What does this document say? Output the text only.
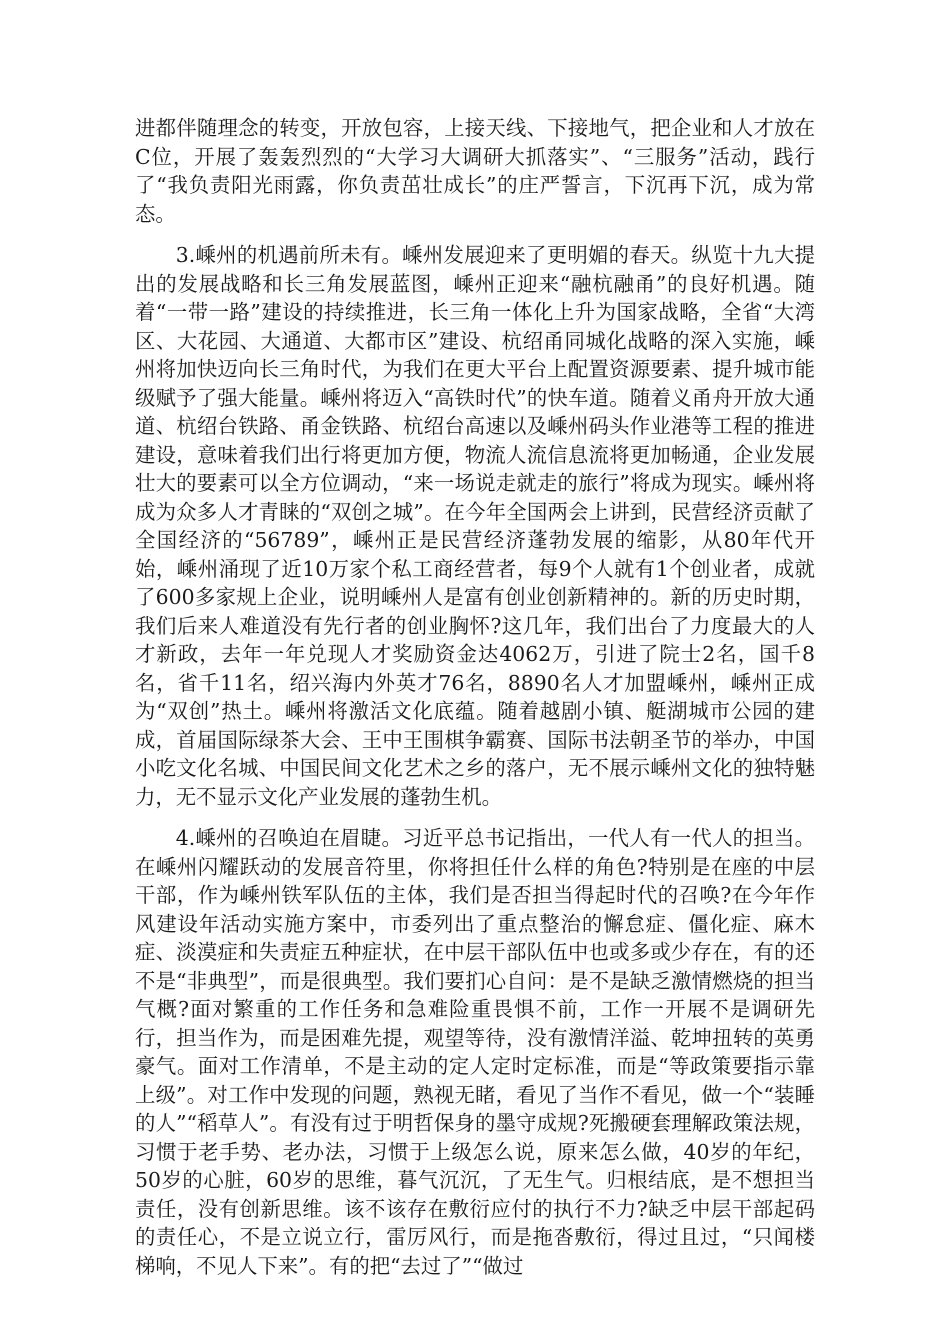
进都伴随理念的转变，开放包容，上接天线、下接地气，把企业和人才放在C位，开展了轰轰烈烈的“大学习大调研大抓落实”、“三服务”活动，践行了“我负责阳光雨露，你负责茁壮成长”的庄严誓言，下沉再下沉，成为常态。

3.嵊州的机遇前所未有。嵊州发展迎来了更明媚的春天。纵览十九大提出的发展战略和长三角发展蓝图，嵊州正迎来“融杭融甬”的良好机遇。随着“一带一路”建设的持续推进，长三角一体化上升为国家战略，全省“大湾区、大花园、大通道、大都市区”建设、杭绍甬同城化战略的深入实施，嵊州将加快迈向长三角时代，为我们在更大平台上配置资源要素、提升城市能级赋予了强大能量。嵊州将迈入“高铁时代”的快车道。随着义甬舟开放大通道、杭绍台铁路、甬金铁路、杭绍台高速以及嵊州码头作业港等工程的推进建设，意味着我们出行将更加方便，物流人流信息流将更加畅通，企业发展壮大的要素可以全方位调动，“来一场说走就走的旅行”将成为现实。嵊州将成为众多人才青睐的“双创之城”。在今年全国两会上讲到，民营经济贡献了全国经济的“56789”，嵊州正是民营经济蓬勃发展的缩影，从80年代开始，嵊州涌现了近10万家个私工商经营者，每9个人就有1个创业者，成就了600多家规上企业，说明嵊州人是富有创业创新精神的。新的历史时期，我们后来人难道没有先行者的创业胸怀?这几年，我们出台了力度最大的人才新政，去年一年兑现人才奖励资金达4062万，引进了院士2名，国千8名，省千11名，绍兴海内外英才76名，8890名人才加盟嵊州，嵊州正成为“双创”热土。嵊州将激活文化底蕴。随着越剧小镇、艇湖城市公园的建成，首届国际绿茶大会、王中王围棋争霸赛、国际书法朝圣节的举办，中国小吃文化名城、中国民间文化艺术之乡的落户，无不展示嵊州文化的独特魅力，无不显示文化产业发展的蓬勃生机。

4.嵊州的召唤迫在眉睫。习近平总书记指出，一代人有一代人的担当。在嵊州闪耀跃动的发展音符里，你将担任什么样的角色?特别是在座的中层干部，作为嵊州铁军队伍的主体，我们是否担当得起时代的召唤?在今年作风建设年活动实施方案中，市委列出了重点整治的懈怠症、僵化症、麻木症、淡漠症和失责症五种症状，在中层干部队伍中也或多或少存在，有的还不是“非典型”，而是很典型。我们要扪心自问：是不是缺乏激情燃烧的担当气概?面对繁重的工作任务和急难险重畏惧不前，工作一开展不是调研先行，担当作为，而是困难先提，观望等待，没有激情洋溢、乾坤扭转的英勇豪气。面对工作清单，不是主动的定人定时定标准，而是“等政策要指示靠上级”。对工作中发现的问题，熟视无睹，看见了当作不看见，做一个“装睡的人”“稻草人”。有没有过于明哲保身的墨守成规?死搬硬套理解政策法规，习惯于老手势、老办法，习惯于上级怎么说，原来怎么做，40岁的年纪，50岁的心脏，60岁的思维，暮气沉沉，了无生气。归根结底，是不想担当责任，没有创新思维。该不该存在敷衍应付的执行不力?缺乏中层干部起码的责任心，不是立说立行，雷厉风行，而是拖沓敷衍，得过且过，“只闻楼梯响，不见人下来”。有的把“去过了”“做过
